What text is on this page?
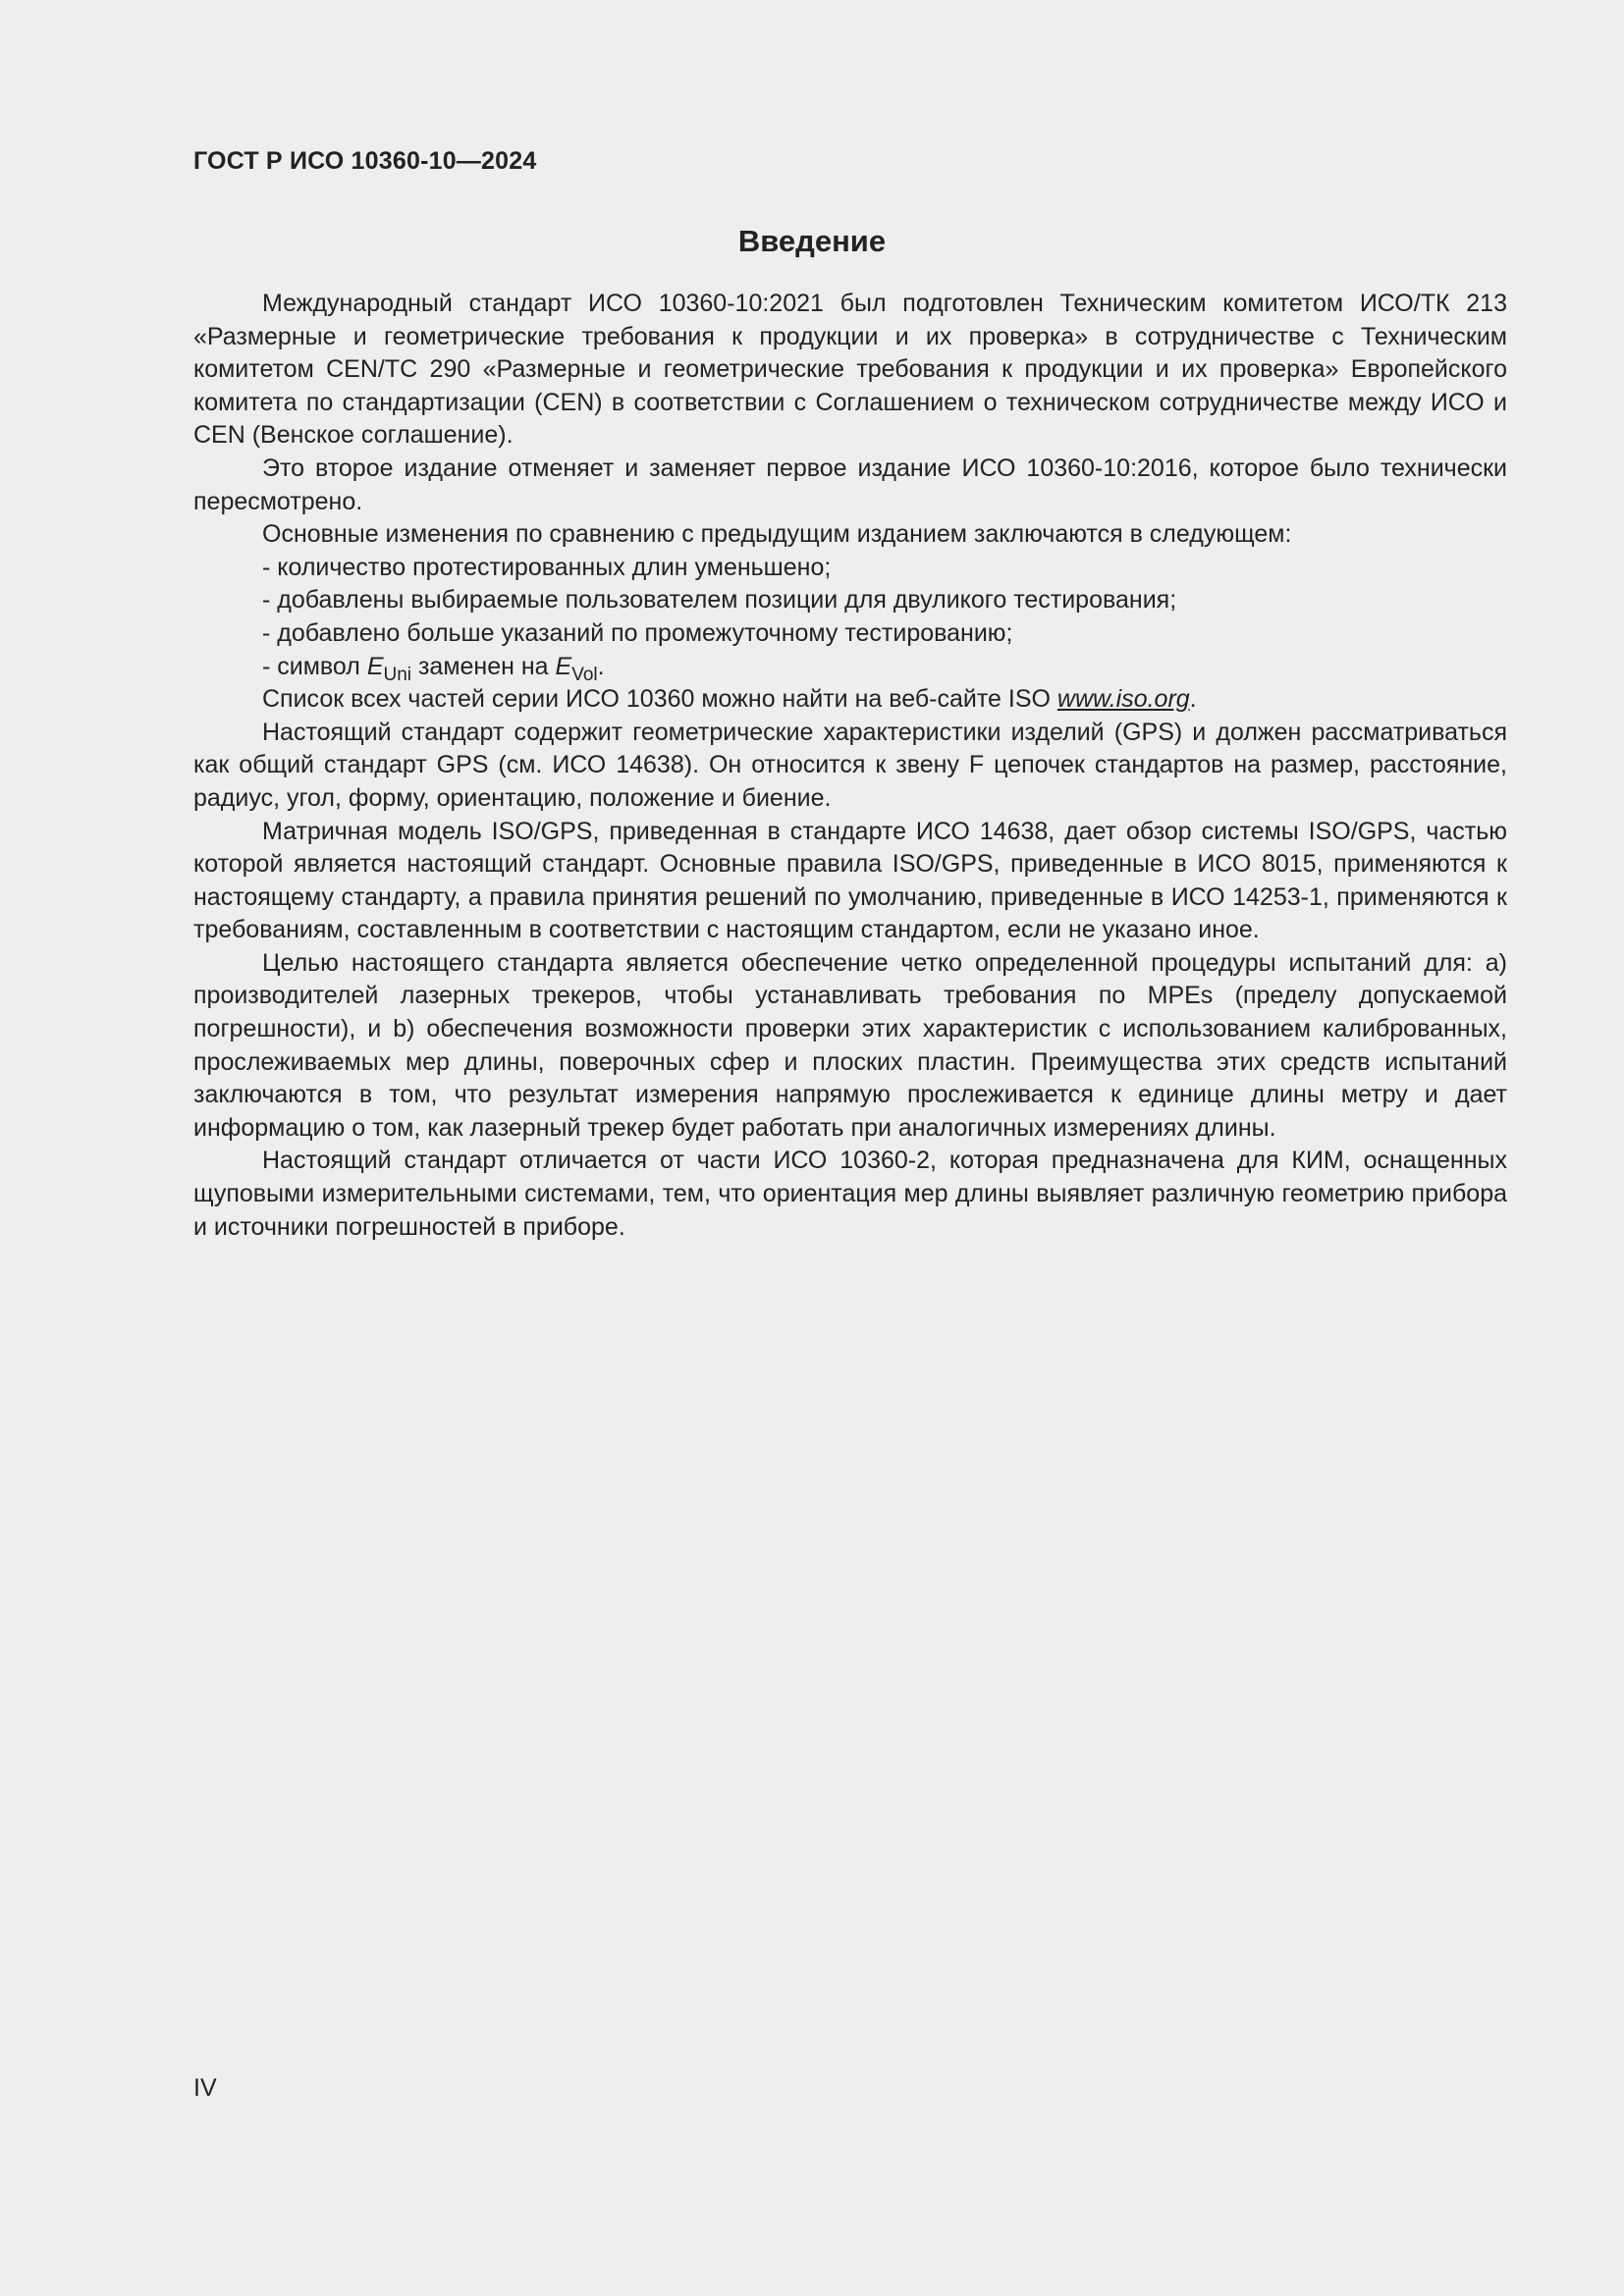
ГОСТ Р ИСО 10360-10—2024
Введение

Международный стандарт ИСО 10360-10:2021 был подготовлен Техническим комитетом ИСО/ТК 213 «Размерные и геометрические требования к продукции и их проверка» в сотрудничестве с Техническим комитетом CEN/TC 290 «Размерные и геометрические требования к продукции и их проверка» Европейского комитета по стандартизации (CEN) в соответствии с Соглашением о техническом сотрудничестве между ИСО и CEN (Венское соглашение).

Это второе издание отменяет и заменяет первое издание ИСО 10360-10:2016, которое было технически пересмотрено.

Основные изменения по сравнению с предыдущим изданием заключаются в следующем:

- количество протестированных длин уменьшено;

- добавлены выбираемые пользователем позиции для двуликого тестирования;

- добавлено больше указаний по промежуточному тестированию;

- символ $E_{Uni}$ заменен на $E_{Vol}$.

Список всех частей серии ИСО 10360 можно найти на веб-сайте ISO www.iso.org.

Настоящий стандарт содержит геометрические характеристики изделий (GPS) и должен рассматриваться как общий стандарт GPS (см. ИСО 14638). Он относится к звену F цепочек стандартов на размер, расстояние, радиус, угол, форму, ориентацию, положение и биение.

Матричная модель ISO/GPS, приведенная в стандарте ИСО 14638, дает обзор системы ISO/GPS, частью которой является настоящий стандарт. Основные правила ISO/GPS, приведенные в ИСО 8015, применяются к настоящему стандарту, а правила принятия решений по умолчанию, приведенные в ИСО 14253-1, применяются к требованиям, составленным в соответствии с настоящим стандартом, если не указано иное.

Целью настоящего стандарта является обеспечение четко определенной процедуры испытаний для: а) производителей лазерных трекеров, чтобы устанавливать требования по MPEs (пределу допускаемой погрешности), и b) обеспечения возможности проверки этих характеристик с использованием калиброванных, прослеживаемых мер длины, поверочных сфер и плоских пластин. Преимущества этих средств испытаний заключаются в том, что результат измерения напрямую прослеживается к единице длины метру и дает информацию о том, как лазерный трекер будет работать при аналогичных измерениях длины.

Настоящий стандарт отличается от части ИСО 10360-2, которая предназначена для КИМ, оснащенных щуповыми измерительными системами, тем, что ориентация мер длины выявляет различную геометрию прибора и источники погрешностей в приборе.

IV
